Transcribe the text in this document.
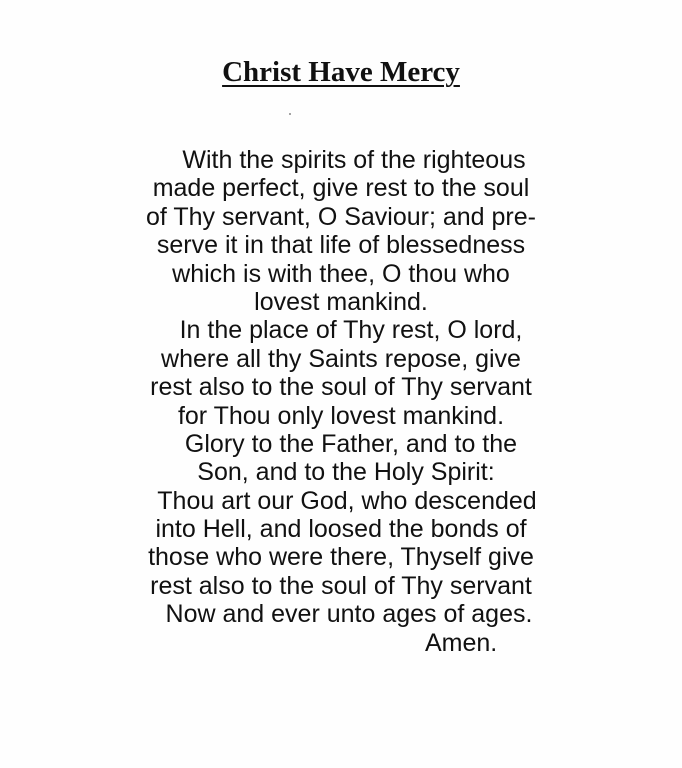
Christ Have Mercy
With the spirits of the righteous
made perfect, give rest to the soul
of Thy servant, O Saviour; and pre-
serve it in that life of blessedness
which is with thee, O thou who
lovest mankind.
In the place of Thy rest, O lord,
where all thy Saints repose, give
rest also to the soul of Thy servant
for Thou only lovest mankind.
Glory to the Father, and to the
Son, and to the Holy Spirit:
Thou art our God, who descended
into Hell, and loosed the bonds of
those who were there, Thyself give
rest also to the soul of Thy servant
Now and ever unto ages of ages.
Amen.
